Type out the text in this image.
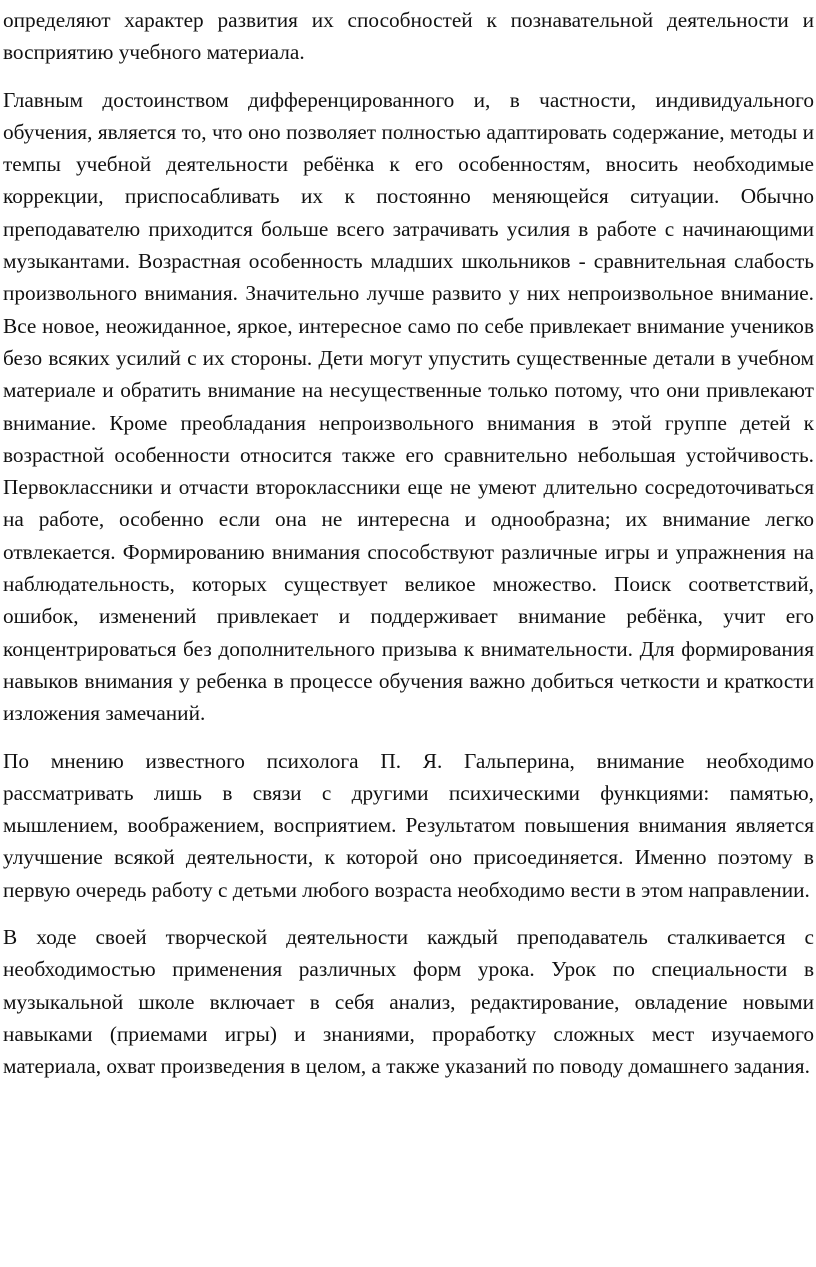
определяют характер развития их способностей к познавательной деятельности и восприятию учебного материала.

Главным достоинством дифференцированного и, в частности, индивидуального обучения, является то, что оно позволяет полностью адаптировать содержание, методы и темпы учебной деятельности ребёнка к его особенностям, вносить необходимые коррекции, приспосабливать их к постоянно меняющейся ситуации. Обычно преподавателю приходится больше всего затрачивать усилия в работе с начинающими музыкантами. Возрастная особенность младших школьников - сравнительная слабость произвольного внимания. Значительно лучше развито у них непроизвольное внимание. Все новое, неожиданное, яркое, интересное само по себе привлекает внимание учеников безо всяких усилий с их стороны. Дети могут упустить существенные детали в учебном материале и обратить внимание на несущественные только потому, что они привлекают внимание. Кроме преобладания непроизвольного внимания в этой группе детей к возрастной особенности относится также его сравнительно небольшая устойчивость. Первоклассники и отчасти второклассники еще не умеют длительно сосредоточиваться на работе, особенно если она не интересна и однообразна; их внимание легко отвлекается. Формированию внимания способствуют различные игры и упражнения на наблюдательность, которых существует великое множество. Поиск соответствий, ошибок, изменений привлекает и поддерживает внимание ребёнка, учит его концентрироваться без дополнительного призыва к внимательности. Для формирования навыков внимания у ребенка в процессе обучения важно добиться четкости и краткости изложения замечаний.

По мнению известного психолога П. Я. Гальперина, внимание необходимо рассматривать лишь в связи с другими психическими функциями: памятью, мышлением, воображением, восприятием. Результатом повышения внимания является улучшение всякой деятельности, к которой оно присоединяется. Именно поэтому в первую очередь работу с детьми любого возраста необходимо вести в этом направлении.

В ходе своей творческой деятельности каждый преподаватель сталкивается с необходимостью применения различных форм урока. Урок по специальности в музыкальной школе включает в себя анализ, редактирование, овладение новыми навыками (приемами игры) и знаниями, проработку сложных мест изучаемого материала, охват произведения в целом, а также указаний по поводу домашнего задания.
